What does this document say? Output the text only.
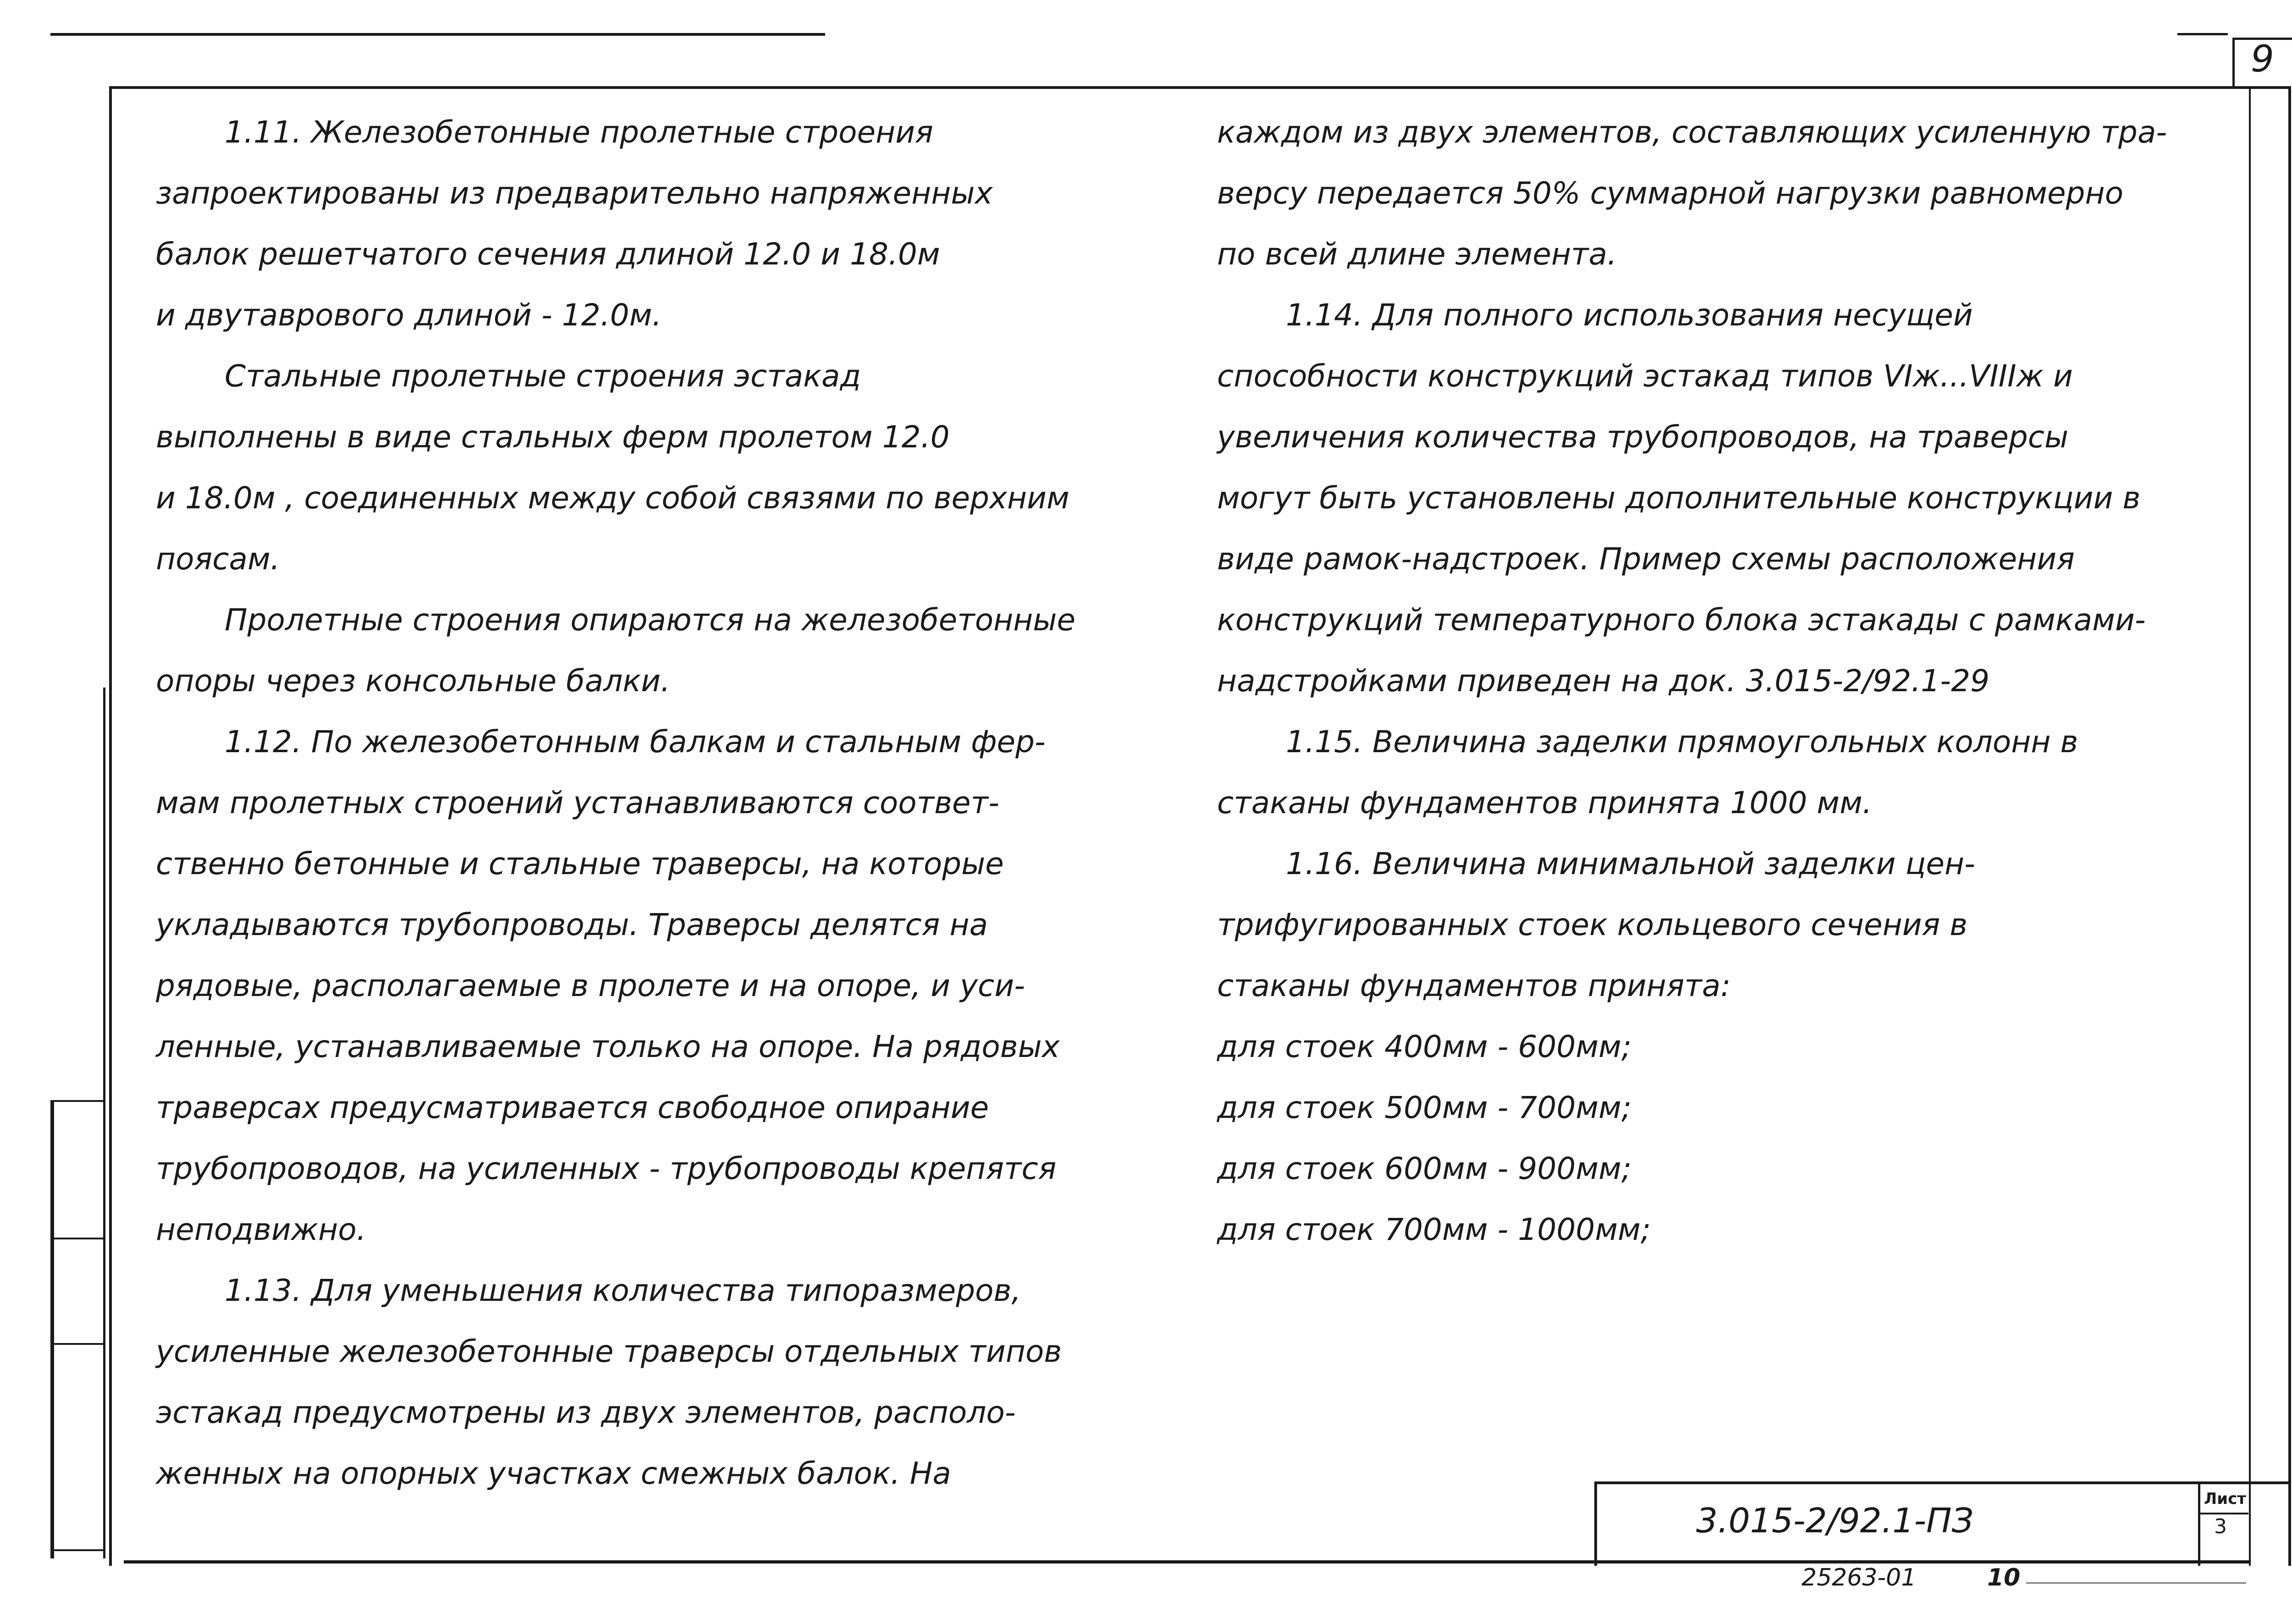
9
1.11. Железобетонные пролетные строения
запроектированы из предварительно напряженных
балок решетчатого сечения длиной 12.0 и 18.0м
и двутаврового длиной - 12.0м.
Стальные пролетные строения эстакад
выполнены в виде стальных ферм пролетом 12.0
и 18.0м , соединенных между собой связями по верхним
поясам.
Пролетные строения опираются на железобетонные
опоры через консольные балки.
1.12. По железобетонным балкам и стальным фер-
мам пролетных строений устанавливаются соответ-
ственно бетонные и стальные траверсы, на которые
укладываются трубопроводы. Траверсы делятся на
рядовые, располагаемые в пролете и на опоре, и уси-
ленные, устанавливаемые только на опоре. На рядовых
траверсах предусматривается свободное опирание
трубопроводов, на усиленных - трубопроводы крепятся
неподвижно.
1.13. Для уменьшения количества типоразмеров,
усиленные железобетонные траверсы отдельных типов
эстакад предусмотрены из двух элементов, располо-
женных на опорных участках смежных балок. На
каждом из двух элементов, составляющих усиленную тра-
версу передается 50% суммарной нагрузки равномерно
по всей длине элемента.
1.14. Для полного использования несущей
способности конструкций эстакад типов VIж...VIIIж и
увеличения количества трубопроводов, на траверсы
могут быть установлены дополнительные конструкции в
виде рамок-надстроек. Пример схемы расположения
конструкций температурного блока эстакады с рамками-
надстройками приведен на док. 3.015-2/92.1-29
1.15. Величина заделки прямоугольных колонн в
стаканы фундаментов принята 1000 мм.
1.16. Величина минимальной заделки цен-
трифугированных стоек кольцевого сечения в
стаканы фундаментов принята:
для стоек 400мм - 600мм;
для стоек 500мм - 700мм;
для стоек 600мм - 900мм;
для стоек 700мм - 1000мм;
3.015-2/92.1-ПЗ
Лист
3
25263-01	10
